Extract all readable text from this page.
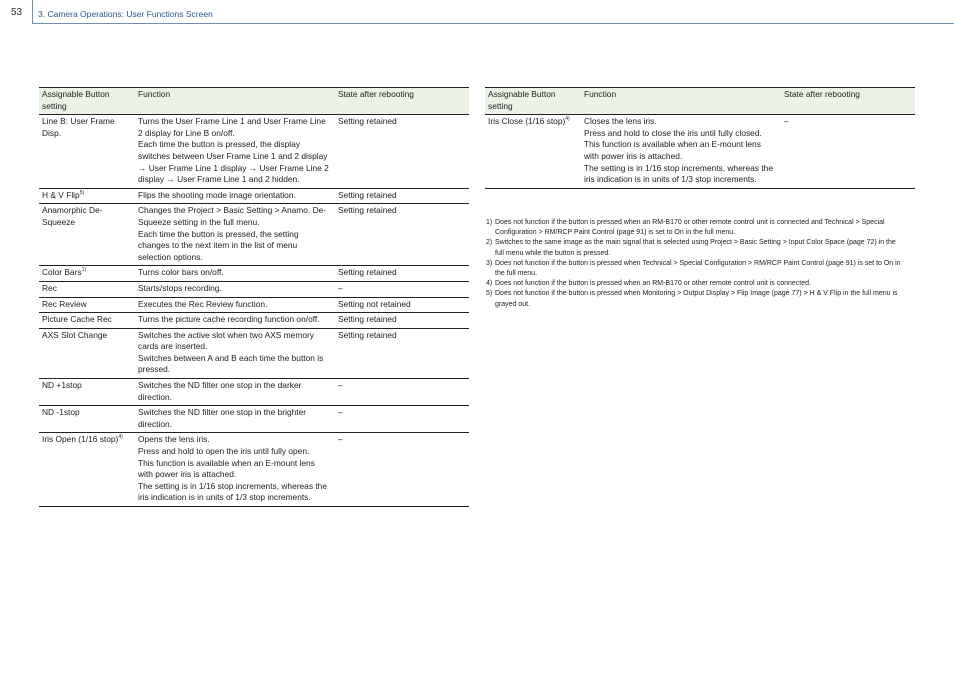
53 3. Camera Operations: User Functions Screen
Assignable Button setting	Function	State after rebooting
Line B: User Frame Disp.	Turns the User Frame Line 1 and User Frame Line 2 display for Line B on/off.
Each time the button is pressed, the display switches between User Frame Line 1 and 2 display → User Frame Line 1 display → User Frame Line 2 display → User Frame Line 1 and 2 hidden.	Setting retained
H & V Flip$^{5)}$	Flips the shooting mode image orientation.	Setting retained
Anamorphic De-Squeeze	Changes the Project > Basic Setting > Anamo. De-Squeeze setting in the full menu.
Each time the button is pressed, the setting changes to the next item in the list of menu selection options.	Setting retained
Color Bars$^{1)}$	Turns color bars on/off.	Setting retained
Rec	Starts/stops recording.	–
Rec Review	Executes the Rec Review function.	Setting not retained
Picture Cache Rec	Turns the picture cache recording function on/off.	Setting retained
AXS Slot Change	Switches the active slot when two AXS memory cards are inserted.
Switches between A and B each time the button is pressed.	Setting retained
ND +1stop	Switches the ND filter one stop in the darker direction.	–
ND -1stop	Switches the ND filter one stop in the brighter direction.	–
Iris Open (1/16 stop)$^{4)}$	Opens the lens iris.
Press and hold to open the iris until fully open.
This function is available when an E-mount lens with power iris is attached.
The setting is in 1/16 stop increments, whereas the iris indication is in units of 1/3 stop increments.	–
Assignable Button setting	Function	State after rebooting
Iris Close (1/16 stop)$^{4)}$	Closes the lens iris.
Press and hold to close the iris until fully closed.
This function is available when an E-mount lens with power iris is attached.
The setting is in 1/16 stop increments, whereas the iris indication is in units of 1/3 stop increments.	–
1) Does not function if the button is pressed when an RM-B170 or other remote control unit is connected and Technical > Special Configuration > RM/RCP Paint Control (page 91) is set to On in the full menu.
2) Switches to the same image as the main signal that is selected using Project > Basic Setting > Input Color Space (page 72) in the full menu while the button is pressed.
3) Does not function if the button is pressed when Technical > Special Configuration > RM/RCP Paint Control (page 91) is set to On in the full menu.
4) Does not function if the button is pressed when an RM-B170 or other remote control unit is connected.
5) Does not function if the button is pressed when Monitoring > Output Display > Flip Image (page 77) > H & V Flip in the full menu is grayed out.
